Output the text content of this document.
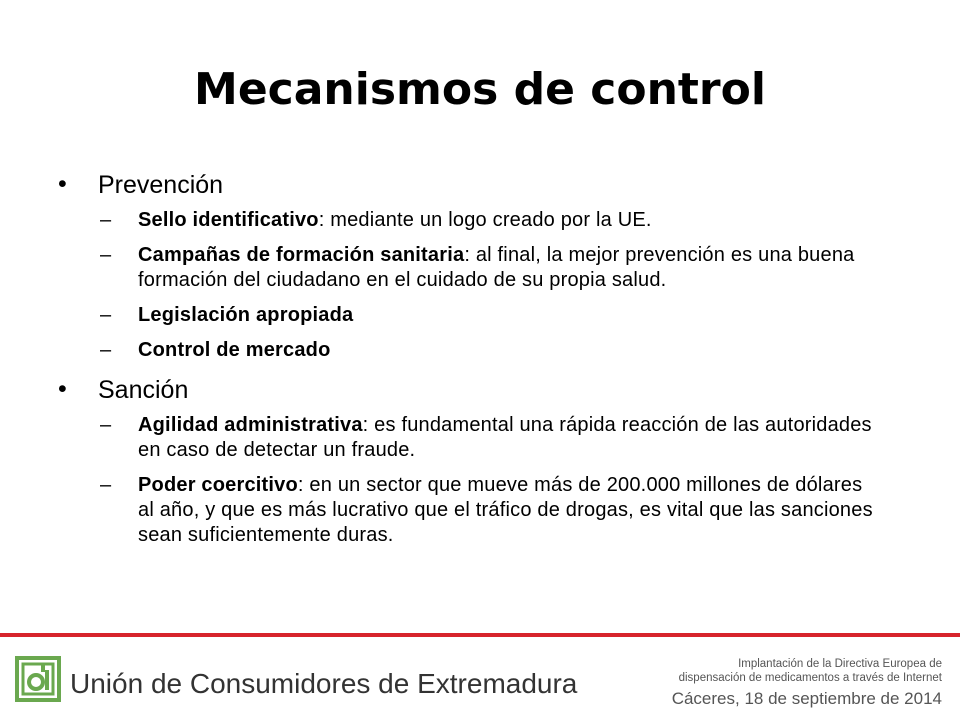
Mecanismos de control
• Prevención
– Sello identificativo: mediante un logo creado por la UE.
– Campañas de formación sanitaria: al final, la mejor prevención es una buena formación del ciudadano en el cuidado de su propia salud.
– Legislación apropiada
– Control de mercado
• Sanción
– Agilidad administrativa: es fundamental una rápida reacción de las autoridades en caso de detectar un fraude.
– Poder coercitivo: en un sector que mueve más de 200.000 millones de dólares al año, y que es más lucrativo que el tráfico de drogas, es vital que las sanciones sean suficientemente duras.
Unión de Consumidores de Extremadura
Implantación de la Directiva Europea de
dispensación de medicamentos a través de Internet
Cáceres, 18 de septiembre de 2014
